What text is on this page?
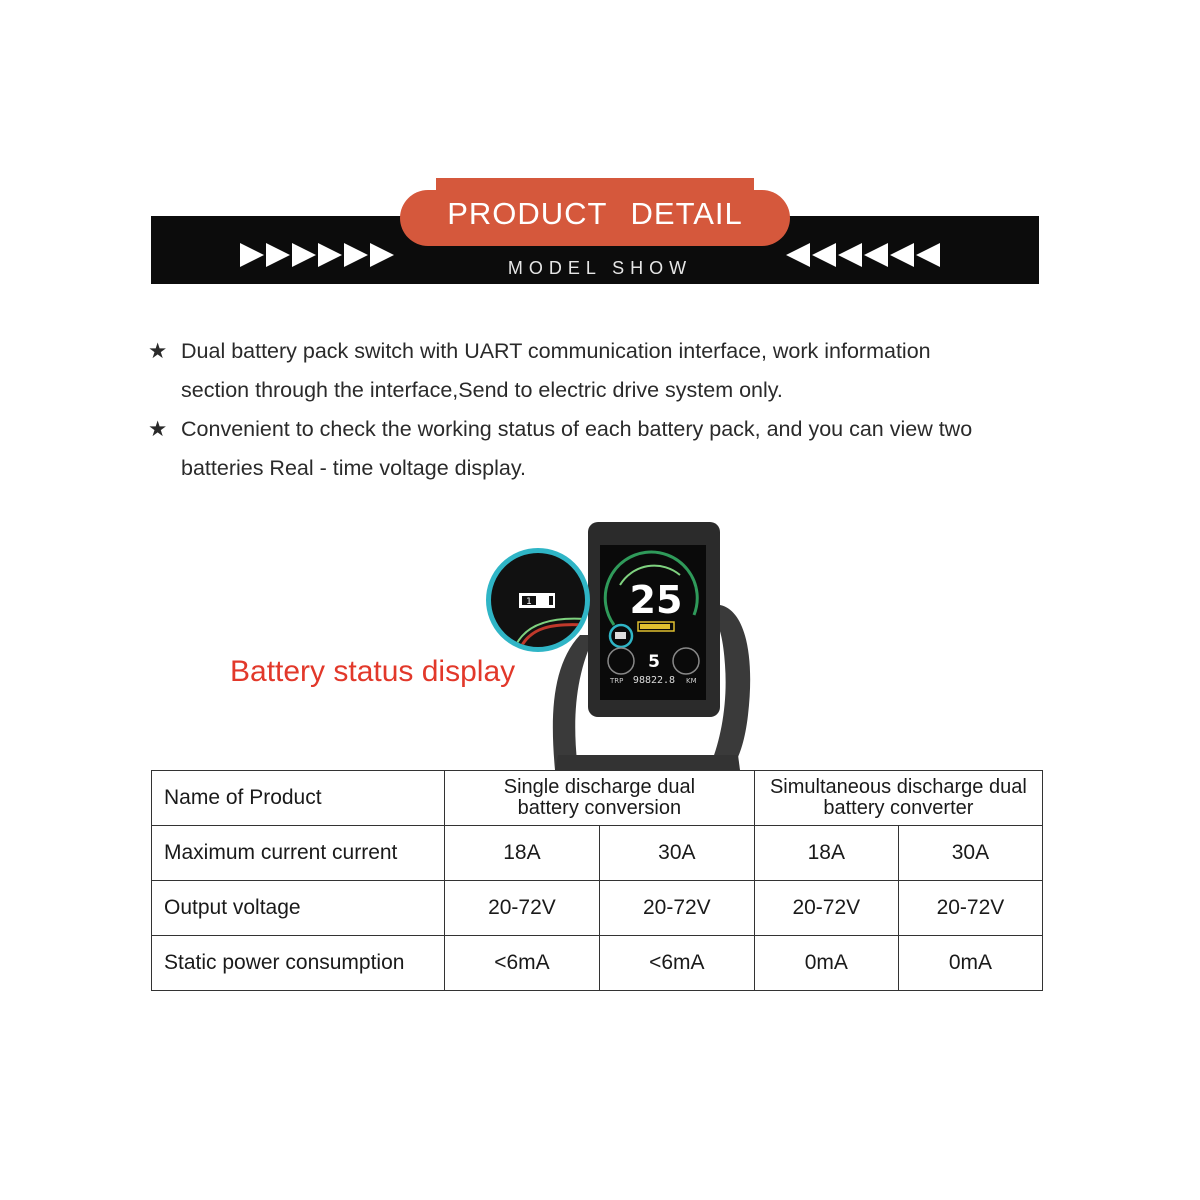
PRODUCT DETAIL
MODEL SHOW
★ Dual battery pack switch with UART communication interface, work information
section through the interface,Send to electric drive system only.
★ Convenient to check the working status of each battery pack, and you can view two
batteries Real - time voltage display.
25
5
TRP 98822.8 KM
1
Battery status display
Name of Product	Single discharge dual battery conversion		Simultaneous discharge dual battery converter	
Maximum current current	18A	30A	18A	30A
Output voltage	20-72V	20-72V	20-72V	20-72V
Static power consumption	<6mA	<6mA	0mA	0mA
